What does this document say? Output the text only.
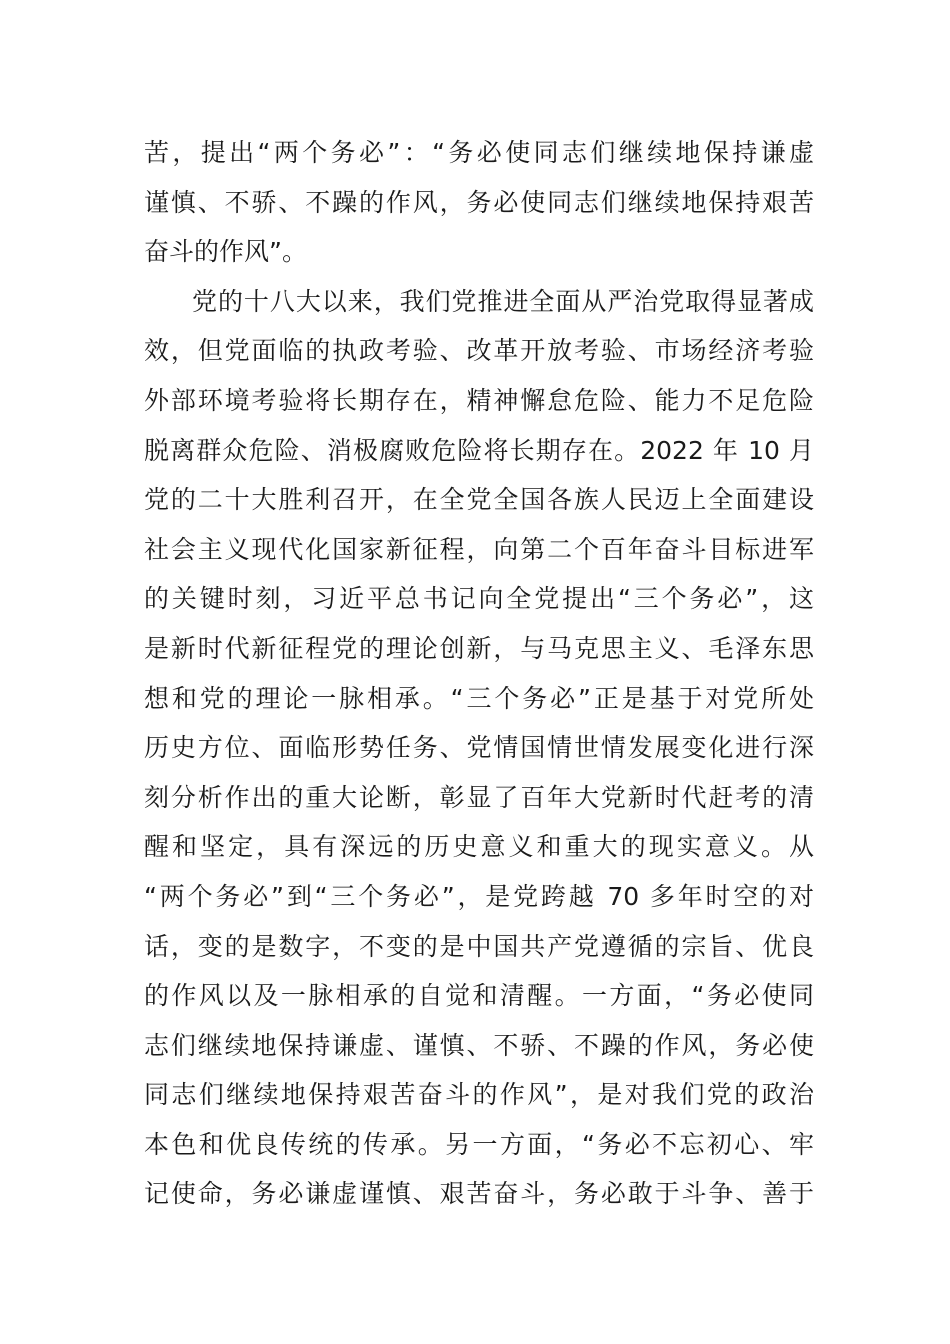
苦，提出“两个务必”：“务必使同志们继续地保持谦虚
谨慎、不骄、不躁的作风，务必使同志们继续地保持艰苦
奋斗的作风”。
党的十八大以来，我们党推进全面从严治党取得显著成
效，但党面临的执政考验、改革开放考验、市场经济考验
外部环境考验将长期存在，精神懈怠危险、能力不足危险
脱离群众危险、消极腐败危险将长期存在。2022 年 10 月
党的二十大胜利召开，在全党全国各族人民迈上全面建设
社会主义现代化国家新征程，向第二个百年奋斗目标进军
的关键时刻，习近平总书记向全党提出“三个务必”，这
是新时代新征程党的理论创新，与马克思主义、毛泽东思
想和党的理论一脉相承。“三个务必”正是基于对党所处
历史方位、面临形势任务、党情国情世情发展变化进行深
刻分析作出的重大论断，彰显了百年大党新时代赶考的清
醒和坚定，具有深远的历史意义和重大的现实意义。从
“两个务必”到“三个务必”，是党跨越 70 多年时空的对
话，变的是数字，不变的是中国共产党遵循的宗旨、优良
的作风以及一脉相承的自觉和清醒。一方面，“务必使同
志们继续地保持谦虚、谨慎、不骄、不躁的作风，务必使
同志们继续地保持艰苦奋斗的作风”，是对我们党的政治
本色和优良传统的传承。另一方面，“务必不忘初心、牢
记使命，务必谦虚谨慎、艰苦奋斗，务必敢于斗争、善于
